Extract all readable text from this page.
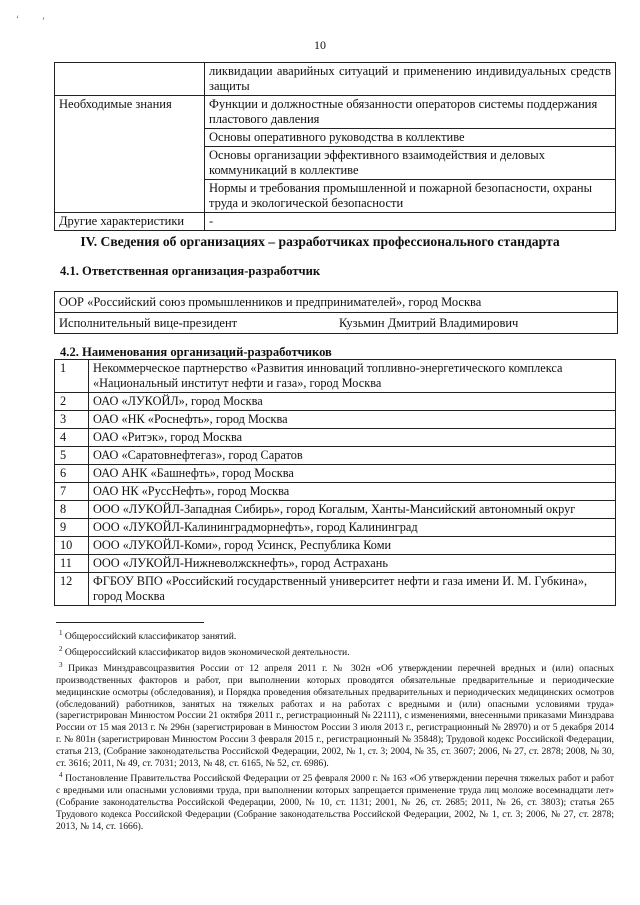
ʻ	’
10
	ликвидации аварийных ситуаций и применению индивидуальных средств защиты
Необходимые знания	Функции и должностные обязанности операторов системы поддержания пластового давления
	Основы оперативного руководства в коллективе
	Основы организации эффективного взаимодействия и деловых коммуникаций в коллективе
	Нормы и требования промышленной и пожарной безопасности, охраны труда и экологической безопасности
Другие характеристики	-
IV. Сведения об организациях – разработчиках профессионального стандарта
4.1. Ответственная организация-разработчик
ООР «Российский союз промышленников и предпринимателей», город Москва
Исполнительный вице-президент	Кузьмин Дмитрий Владимирович
4.2. Наименования организаций-разработчиков
1	Некоммерческое партнерство «Развития инноваций топливно-энергетического комплекса «Национальный институт нефти и газа», город Москва
2	ОАО «ЛУКОЙЛ», город Москва
3	ОАО «НК «Роснефть», город Москва
4	ОАО «Ритэк», город Москва
5	ОАО «Саратовнефтегаз», город Саратов
6	ОАО АНК «Башнефть», город Москва
7	ОАО НК «РуссНефть», город Москва
8	ООО «ЛУКОЙЛ-Западная Сибирь», город Когалым, Ханты-Мансийский автономный округ
9	ООО «ЛУКОЙЛ-Калининградморнефть», город Калининград
10	ООО «ЛУКОЙЛ-Коми», город Усинск, Республика Коми
11	ООО «ЛУКОЙЛ-Нижневолжскнефть», город Астрахань
12	ФГБОУ ВПО «Российский государственный университет нефти и газа имени И. М. Губкина», город Москва

$^1$ Общероссийский классификатор занятий.

$^2$ Общероссийский классификатор видов экономической деятельности.

$^3$ Приказ Минздравсоцразвития России от 12 апреля 2011 г. № 302н «Об утверждении перечней вредных и (или) опасных производственных факторов и работ, при выполнении которых проводятся обязательные предварительные и периодические медицинские осмотры (обследования), и Порядка проведения обязательных предварительных и периодических медицинских осмотров (обследований) работников, занятых на тяжелых работах и на работах с вредными и (или) опасными условиями труда» (зарегистрирован Минюстом России 21 октября 2011 г., регистрационный № 22111), с изменениями, внесенными приказами Минздрава России от 15 мая 2013 г. № 296н (зарегистрирован в Минюстом России 3 июля 2013 г., регистрационный № 28970) и от 5 декабря 2014 г. № 801н (зарегистрирован Минюстом России 3 февраля 2015 г., регистрационный № 35848); Трудовой кодекс Российской Федерации, статья 213, (Собрание законодательства Российской Федерации, 2002, № 1, ст. 3; 2004, № 35, ст. 3607; 2006, № 27, ст. 2878; 2008, № 30, ст. 3616; 2011, № 49, ст. 7031; 2013, № 48, ст. 6165, № 52, ст. 6986).

$^4$ Постановление Правительства Российской Федерации от 25 февраля 2000 г. № 163 «Об утверждении перечня тяжелых работ и работ с вредными или опасными условиями труда, при выполнении которых запрещается применение труда лиц моложе восемнадцати лет» (Собрание законодательства Российской Федерации, 2000, № 10, ст. 1131; 2001, № 26, ст. 2685; 2011, № 26, ст. 3803); статья 265 Трудового кодекса Российской Федерации (Собрание законодательства Российской Федерации, 2002, № 1, ст. 3; 2006, № 27, ст. 2878; 2013, № 14, ст. 1666).
